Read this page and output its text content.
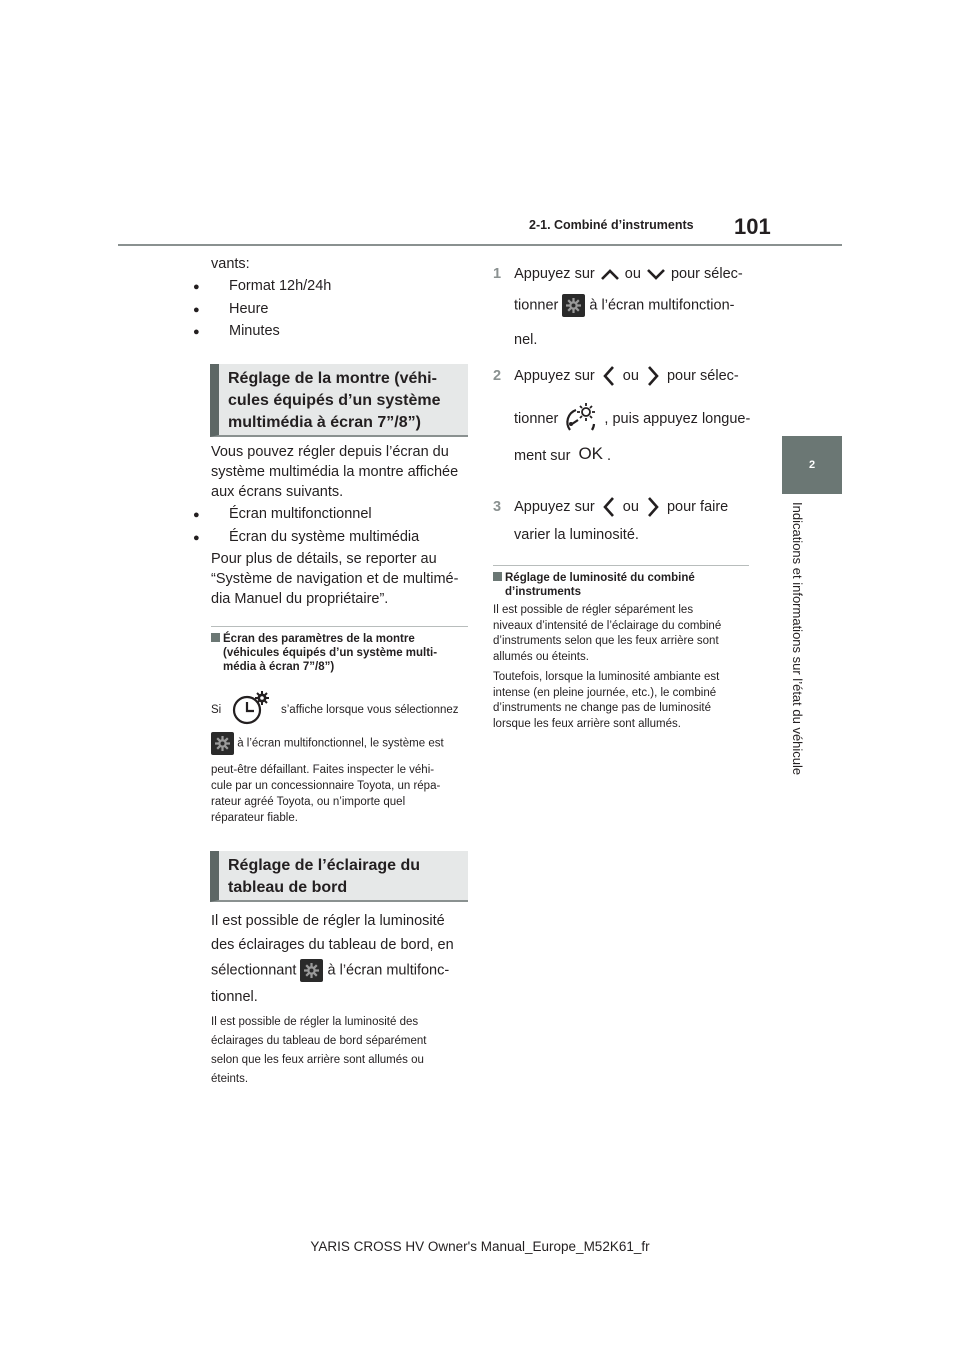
2-1. Combiné d’instruments 101
2
Indications et informations sur l’état du véhicule
vants:
● Format 12h/24h
● Heure
● Minutes
Réglage de la montre (véhi-
cules équipés d’un système
multimédia à écran 7”/8”)
Vous pouvez régler depuis l’écran du
système multimédia la montre affichée
aux écrans suivants.
● Écran multifonctionnel
● Écran du système multimédia
Pour plus de détails, se reporter au
“Système de navigation et de multimé-
dia Manuel du propriétaire”.
Écran des paramètres de la montre
(véhicules équipés d’un système multi-
média à écran 7”/8”)
Si	s’affiche lorsque vous sélectionnez
à l’écran multifonctionnel, le système est
peut-être défaillant. Faites inspecter le véhi-
cule par un concessionnaire Toyota, un répa-
rateur agréé Toyota, ou n’importe quel
réparateur fiable.
Réglage de l’éclairage du
tableau de bord
Il est possible de régler la luminosité
des éclairages du tableau de bord, en
sélectionnant à l’écran multifonc-
tionnel.
Il est possible de régler la luminosité des
éclairages du tableau de bord séparément
selon que les feux arrière sont allumés ou
éteints.
1 Appuyez sur ou pour sélec-
tionner à l’écran multifonction-
nel.
2 Appuyez sur ou pour sélec-
tionner	, puis appuyez longue-
ment sur OK .
3 Appuyez sur ou pour faire
varier la luminosité.
Réglage de luminosité du combiné
d’instruments
Il est possible de régler séparément les
niveaux d’intensité de l’éclairage du combiné
d’instruments selon que les feux arrière sont
allumés ou éteints.
Toutefois, lorsque la luminosité ambiante est
intense (en pleine journée, etc.), le combiné
d’instruments ne change pas de luminosité
lorsque les feux arrière sont allumés.
YARIS CROSS HV Owner's Manual_Europe_M52K61_fr
